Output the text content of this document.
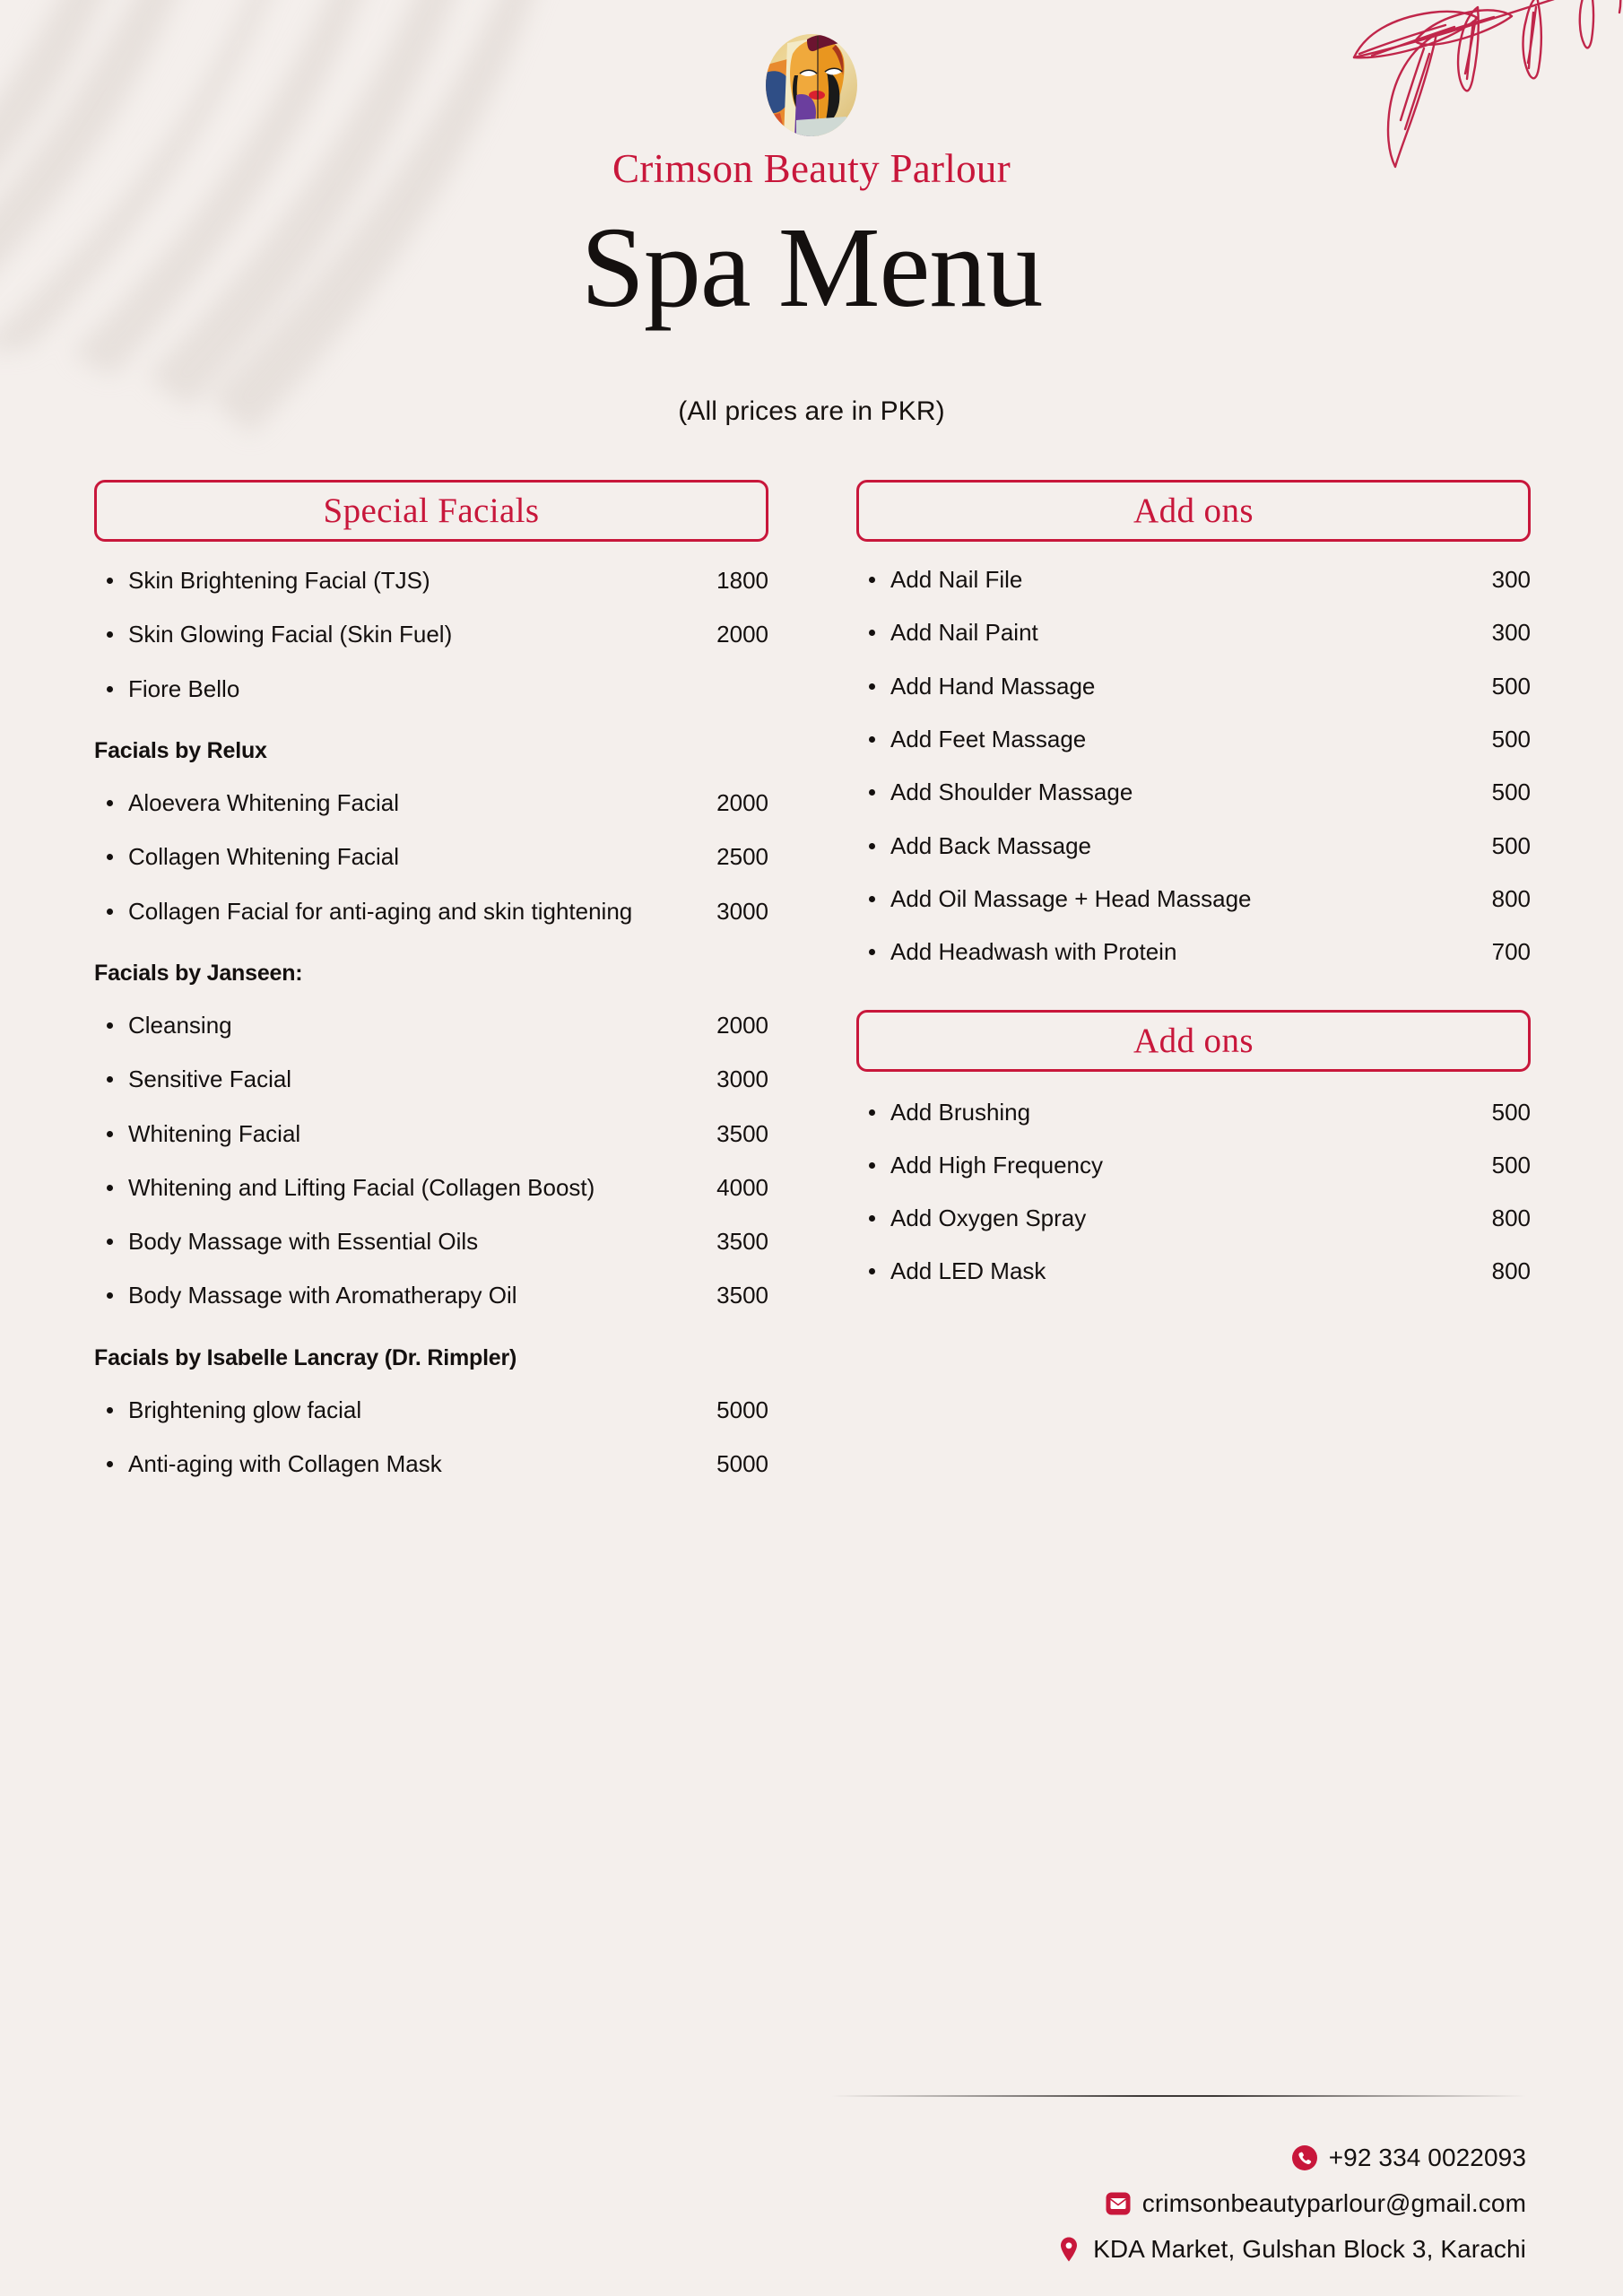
Crimson Beauty Parlour
Spa Menu
(All prices are in PKR)
Special Facials
Skin Brightening Facial (TJS)	1800
Skin Glowing Facial (Skin Fuel)	2000
Fiore Bello
Facials by Relux
Aloevera Whitening Facial	2000
Collagen Whitening Facial	2500
Collagen Facial for anti-aging and skin tightening	3000
Facials by Janseen:
Cleansing	2000
Sensitive Facial	3000
Whitening Facial	3500
Whitening and Lifting Facial (Collagen Boost)	4000
Body Massage with Essential Oils	3500
Body Massage with Aromatherapy Oil	3500
Facials by Isabelle Lancray (Dr. Rimpler)
Brightening glow facial	5000
Anti-aging with Collagen Mask	5000
Add ons
Add Nail File	300
Add Nail Paint	300
Add Hand Massage	500
Add Feet Massage	500
Add Shoulder Massage	500
Add Back Massage	500
Add Oil Massage + Head Massage	800
Add Headwash with Protein	700
Add ons
Add Brushing	500
Add High Frequency	500
Add Oxygen Spray	800
Add LED Mask	800
+92 334 0022093
crimsonbeautyparlour@gmail.com
KDA Market, Gulshan Block 3, Karachi
